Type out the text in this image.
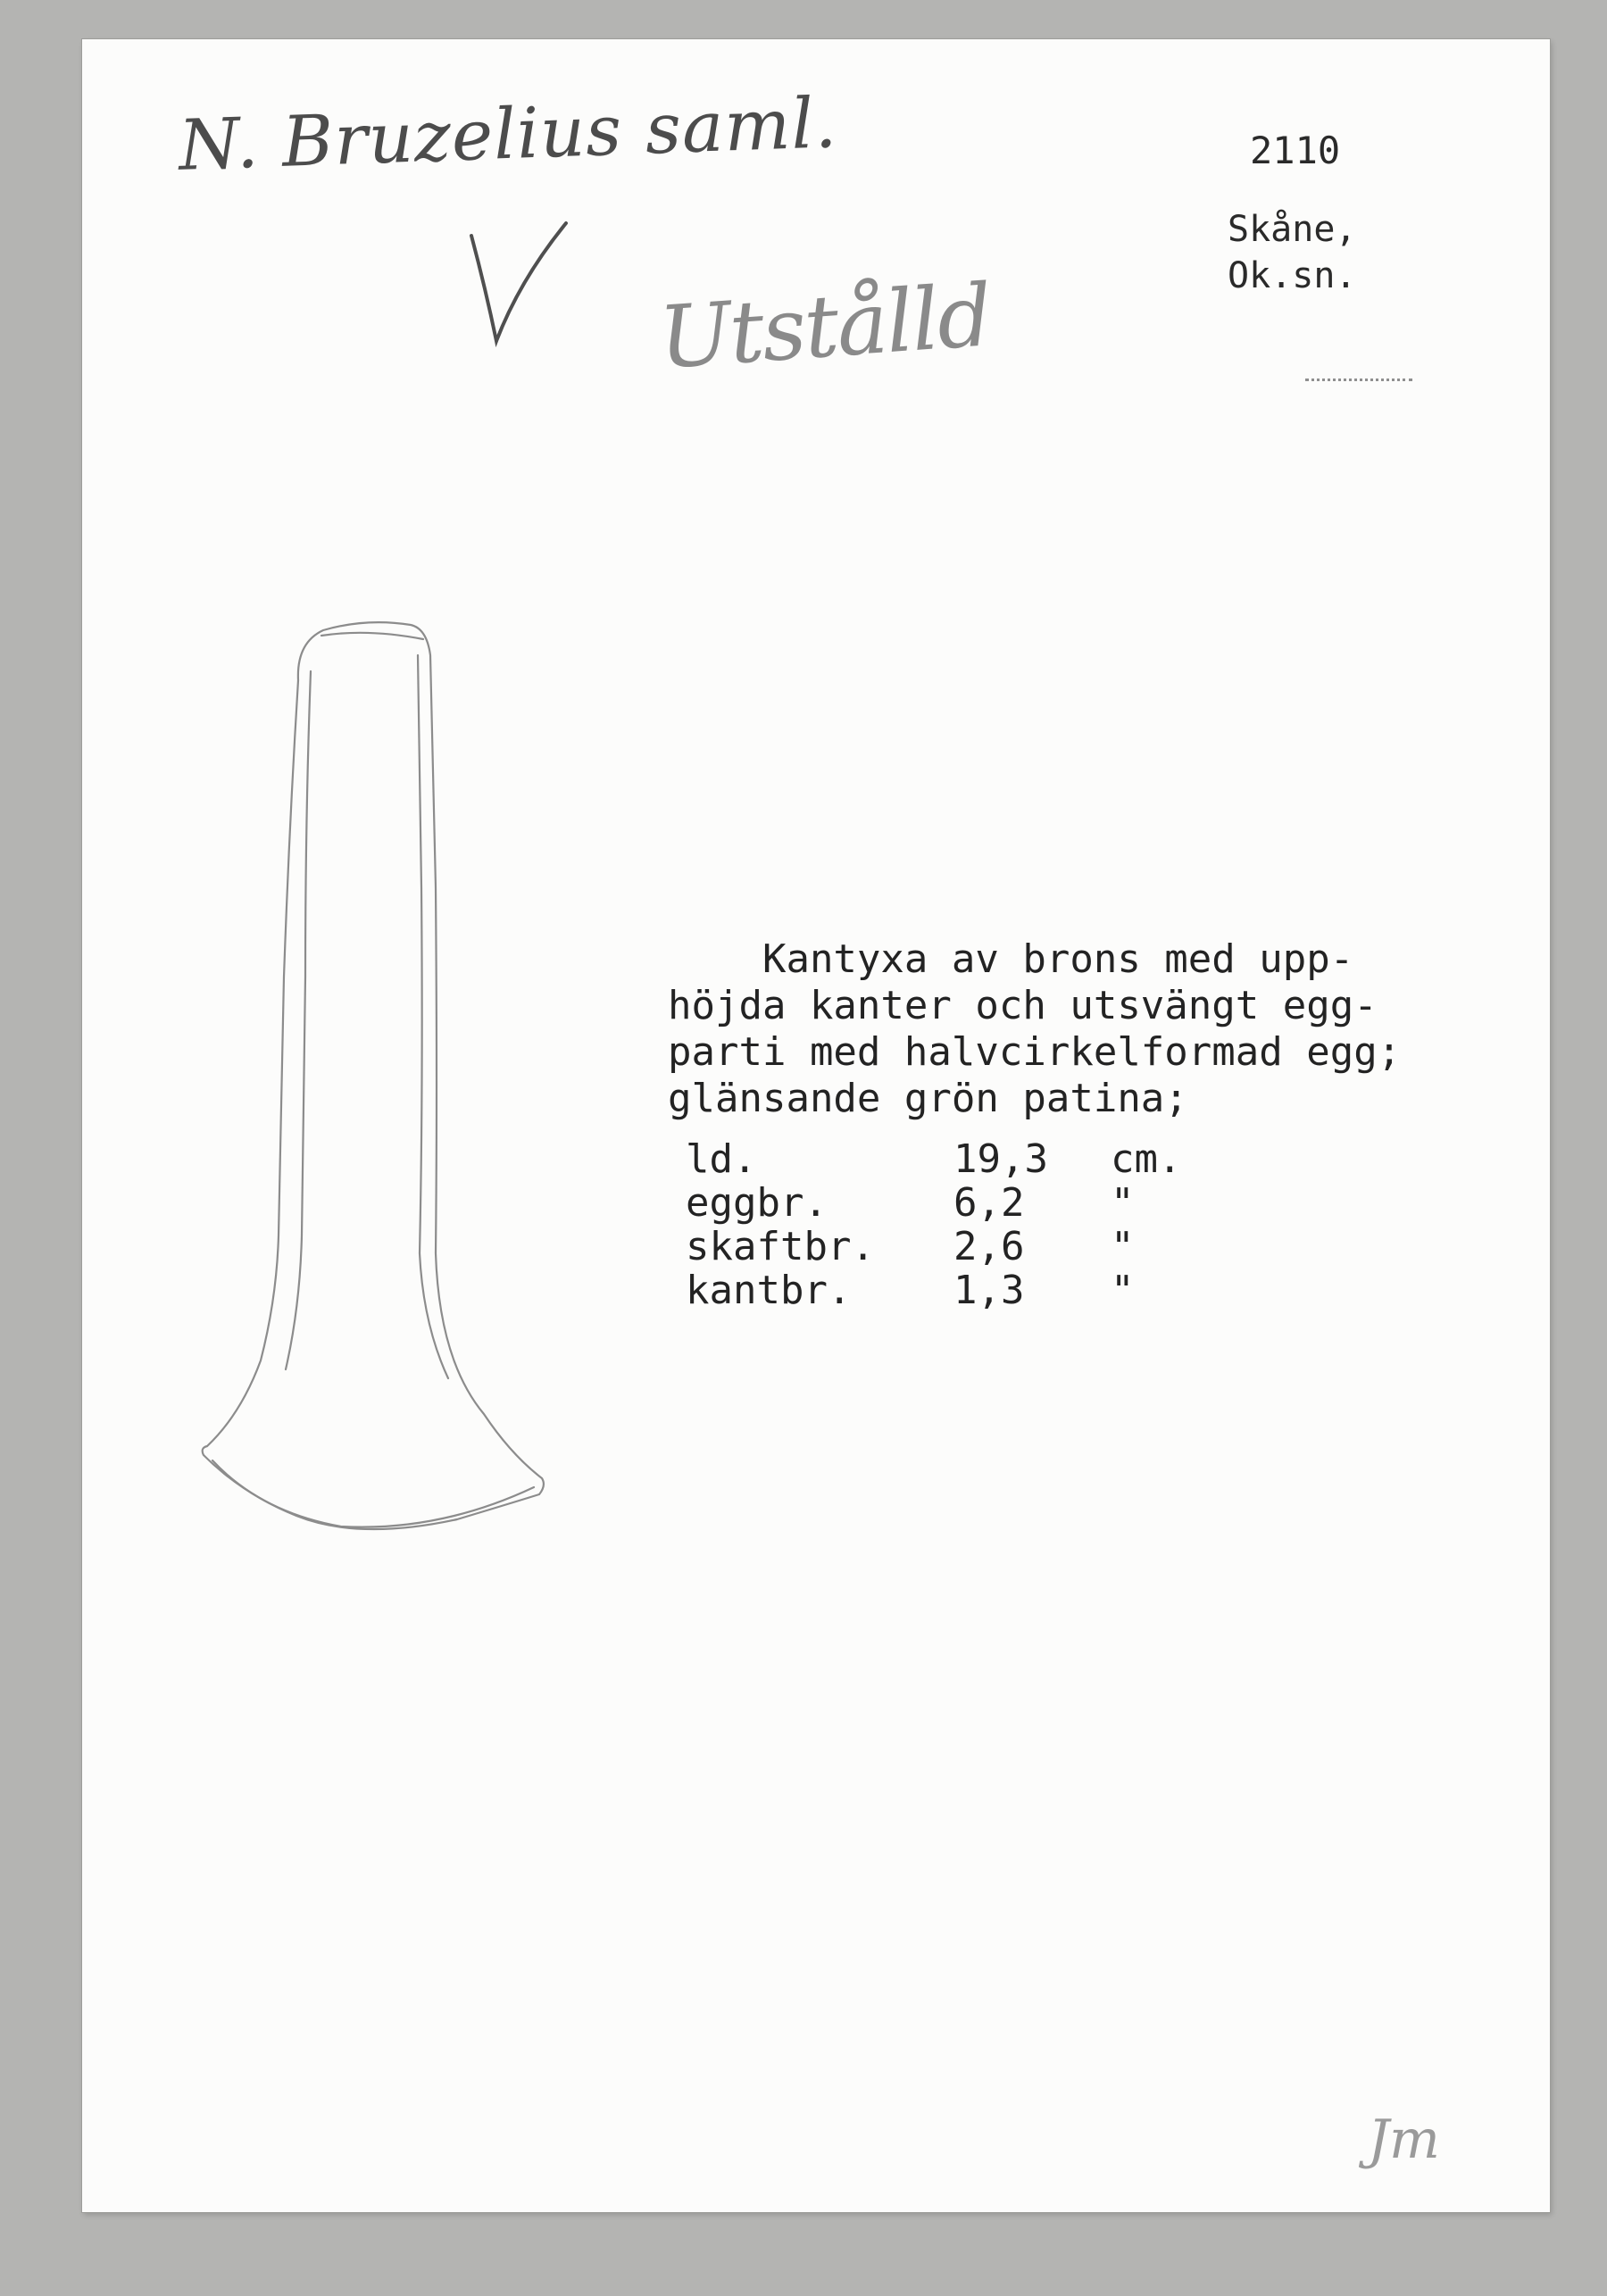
N. Bruzelius saml.
Utstålld
2110
Skåne,
Ok.sn.
Kantyxa av brons med upp-
höjda kanter och utsvängt egg-
parti med halvcirkelformad egg;
glänsande grön patina;
ld.	19,3 cm.
eggbr.	6,2 "
skaftbr. 2,6 "
kantbr.	1,3 "
Jm
